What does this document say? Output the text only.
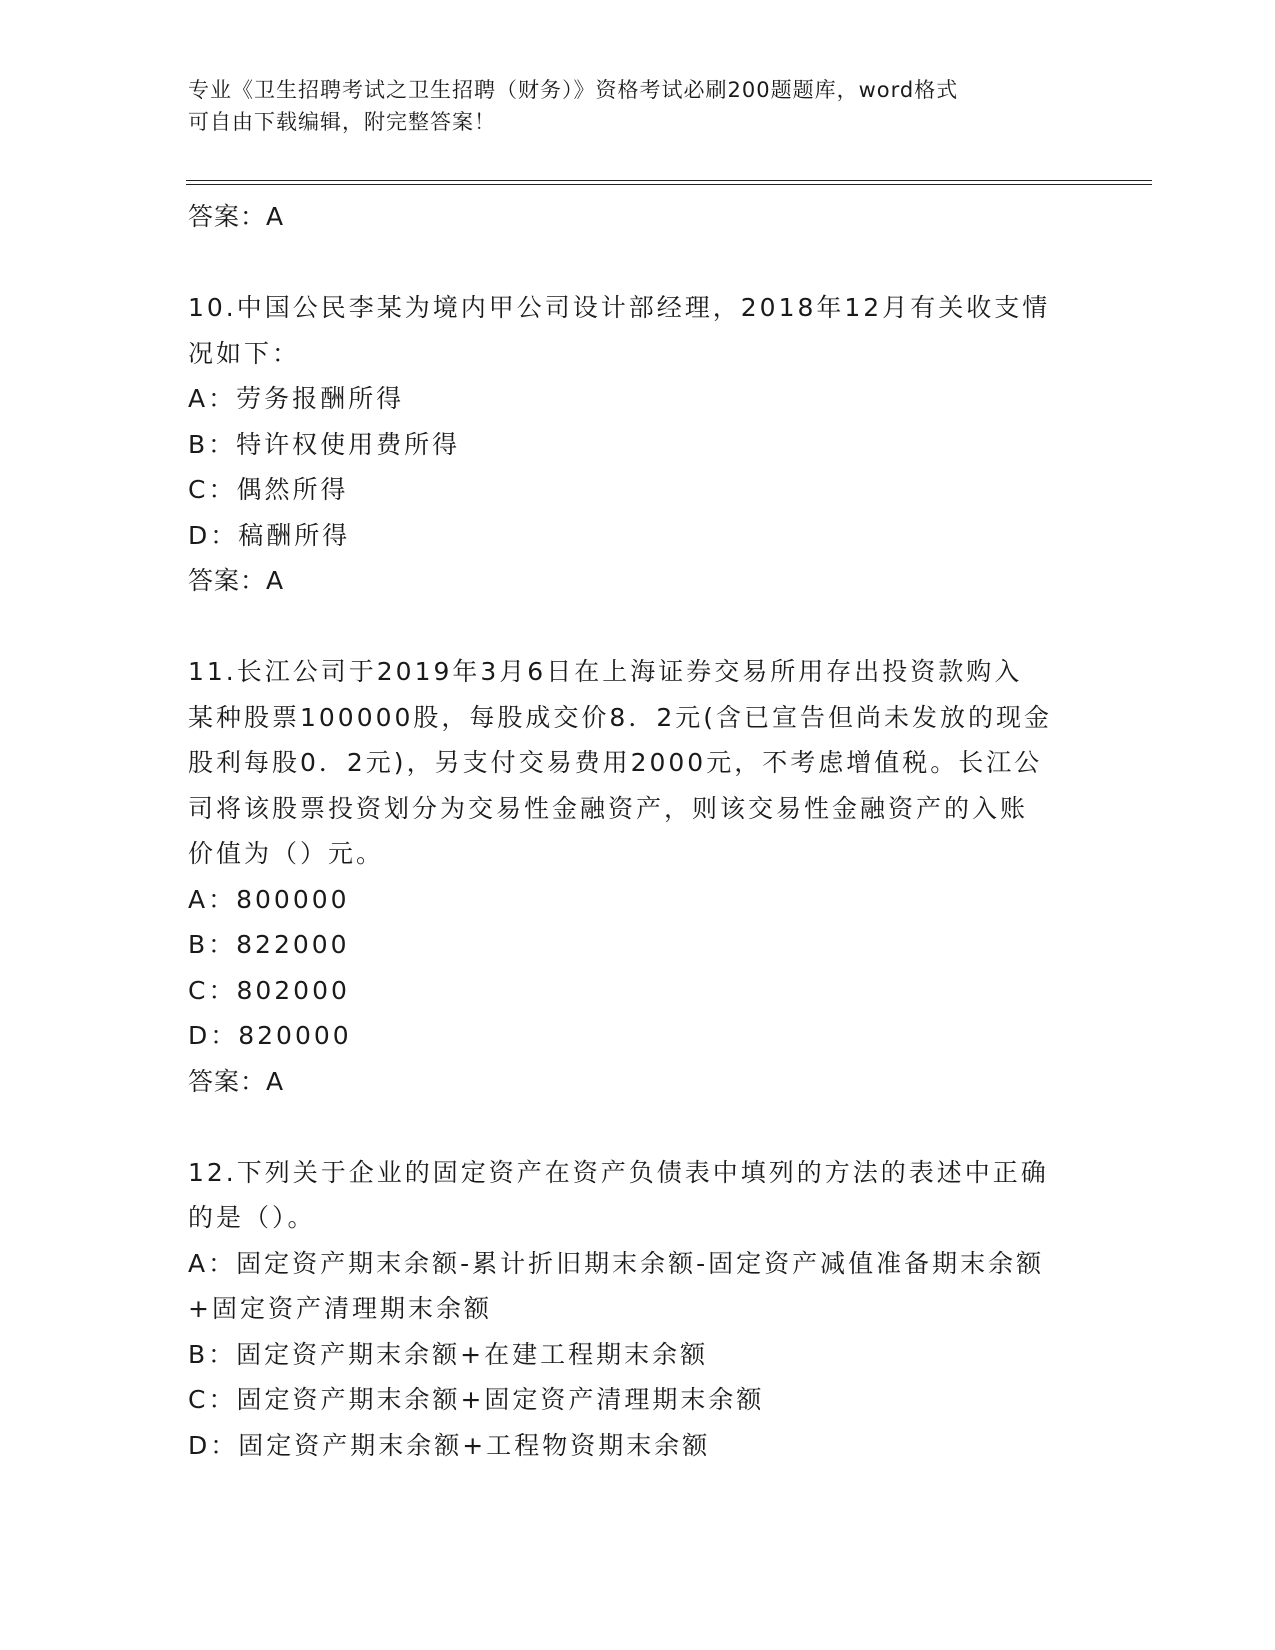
专业《卫生招聘考试之卫生招聘（财务）》资格考试必刷200题题库，word格式
可自由下载编辑，附完整答案！
答案：A
10.中国公民李某为境内甲公司设计部经理，2018年12月有关收支情
况如下：
A：劳务报酬所得
B：特许权使用费所得
C：偶然所得
D：稿酬所得
答案：A
11.长江公司于2019年3月6日在上海证券交易所用存出投资款购入
某种股票100000股，每股成交价8．2元(含已宣告但尚未发放的现金
股利每股0．2元)，另支付交易费用2000元，不考虑增值税。长江公
司将该股票投资划分为交易性金融资产，则该交易性金融资产的入账
价值为（）元。
A：800000
B：822000
C：802000
D：820000
答案：A
12.下列关于企业的固定资产在资产负债表中填列的方法的表述中正确
的是（）。
A：固定资产期末余额-累计折旧期末余额-固定资产减值准备期末余额
+固定资产清理期末余额
B：固定资产期末余额+在建工程期末余额
C：固定资产期末余额+固定资产清理期末余额
D：固定资产期末余额+工程物资期末余额
